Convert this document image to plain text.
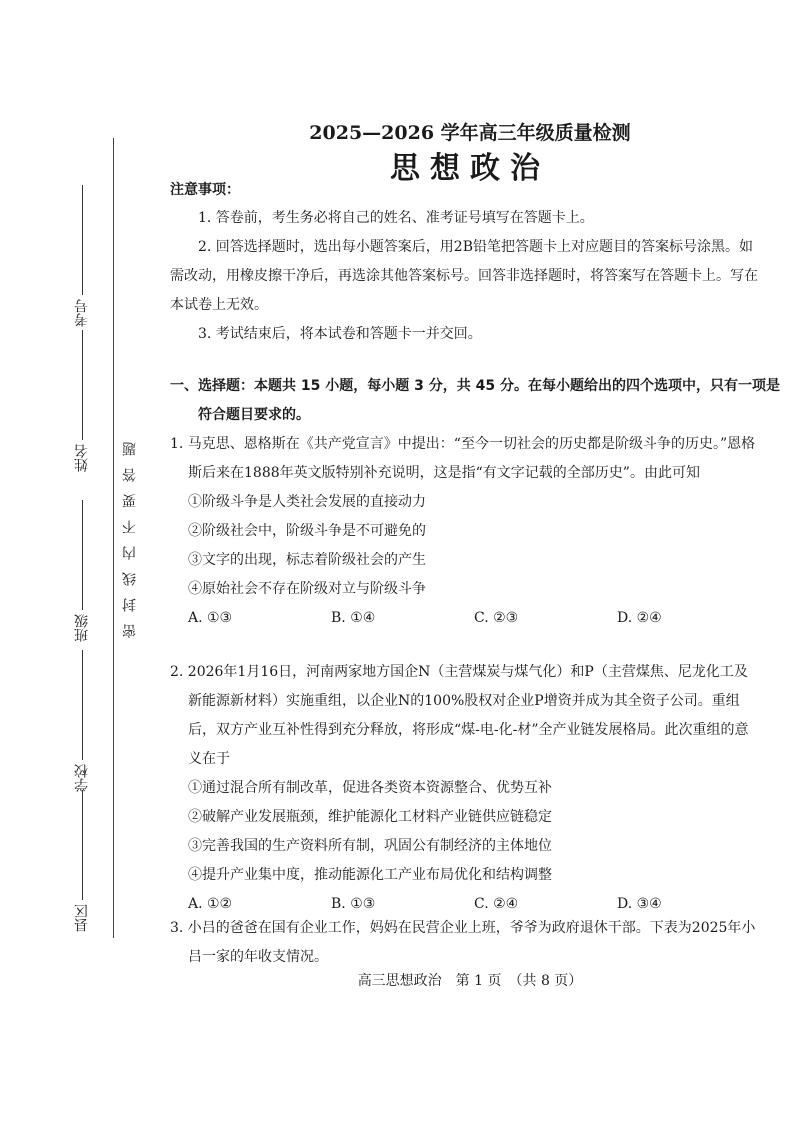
考号
姓名
班级
学校
县区
密封线内不要答题
2025—2026 学年高三年级质量检测
思想政治
注意事项：

1. 答卷前，考生务必将自己的姓名、准考证号填写在答题卡上。

2. 回答选择题时，选出每小题答案后，用2B铅笔把答题卡上对应题目的答案标号涂黑。如需改动，用橡皮擦干净后，再选涂其他答案标号。回答非选择题时，将答案写在答题卡上。写在本试卷上无效。

3. 考试结束后，将本试卷和答题卡一并交回。

一、选择题：本题共 15 小题，每小题 3 分，共 45 分。在每小题给出的四个选项中，只有一项是符合题目要求的。

1. 马克思、恩格斯在《共产党宣言》中提出：“至今一切社会的历史都是阶级斗争的历史。”恩格斯后来在1888年英文版特别补充说明，这是指“有文字记载的全部历史”。由此可知

①阶级斗争是人类社会发展的直接动力

②阶级社会中，阶级斗争是不可避免的

③文字的出现，标志着阶级社会的产生

④原始社会不存在阶级对立与阶级斗争

A. ①③	B. ①④	C. ②③	D. ②④

2. 2026年1月16日，河南两家地方国企N（主营煤炭与煤气化）和P（主营煤焦、尼龙化工及新能源新材料）实施重组，以企业N的100%股权对企业P增资并成为其全资子公司。重组后，双方产业互补性得到充分释放，将形成“煤-电-化-材”全产业链发展格局。此次重组的意义在于

①通过混合所有制改革，促进各类资本资源整合、优势互补

②破解产业发展瓶颈，维护能源化工材料产业链供应链稳定

③完善我国的生产资料所有制，巩固公有制经济的主体地位

④提升产业集中度，推动能源化工产业布局优化和结构调整

A. ①②	B. ①③	C. ②④	D. ③④

3. 小吕的爸爸在国有企业工作，妈妈在民营企业上班，爷爷为政府退休干部。下表为2025年小吕一家的年收支情况。

高三思想政治　第 1 页　（共 8 页）
